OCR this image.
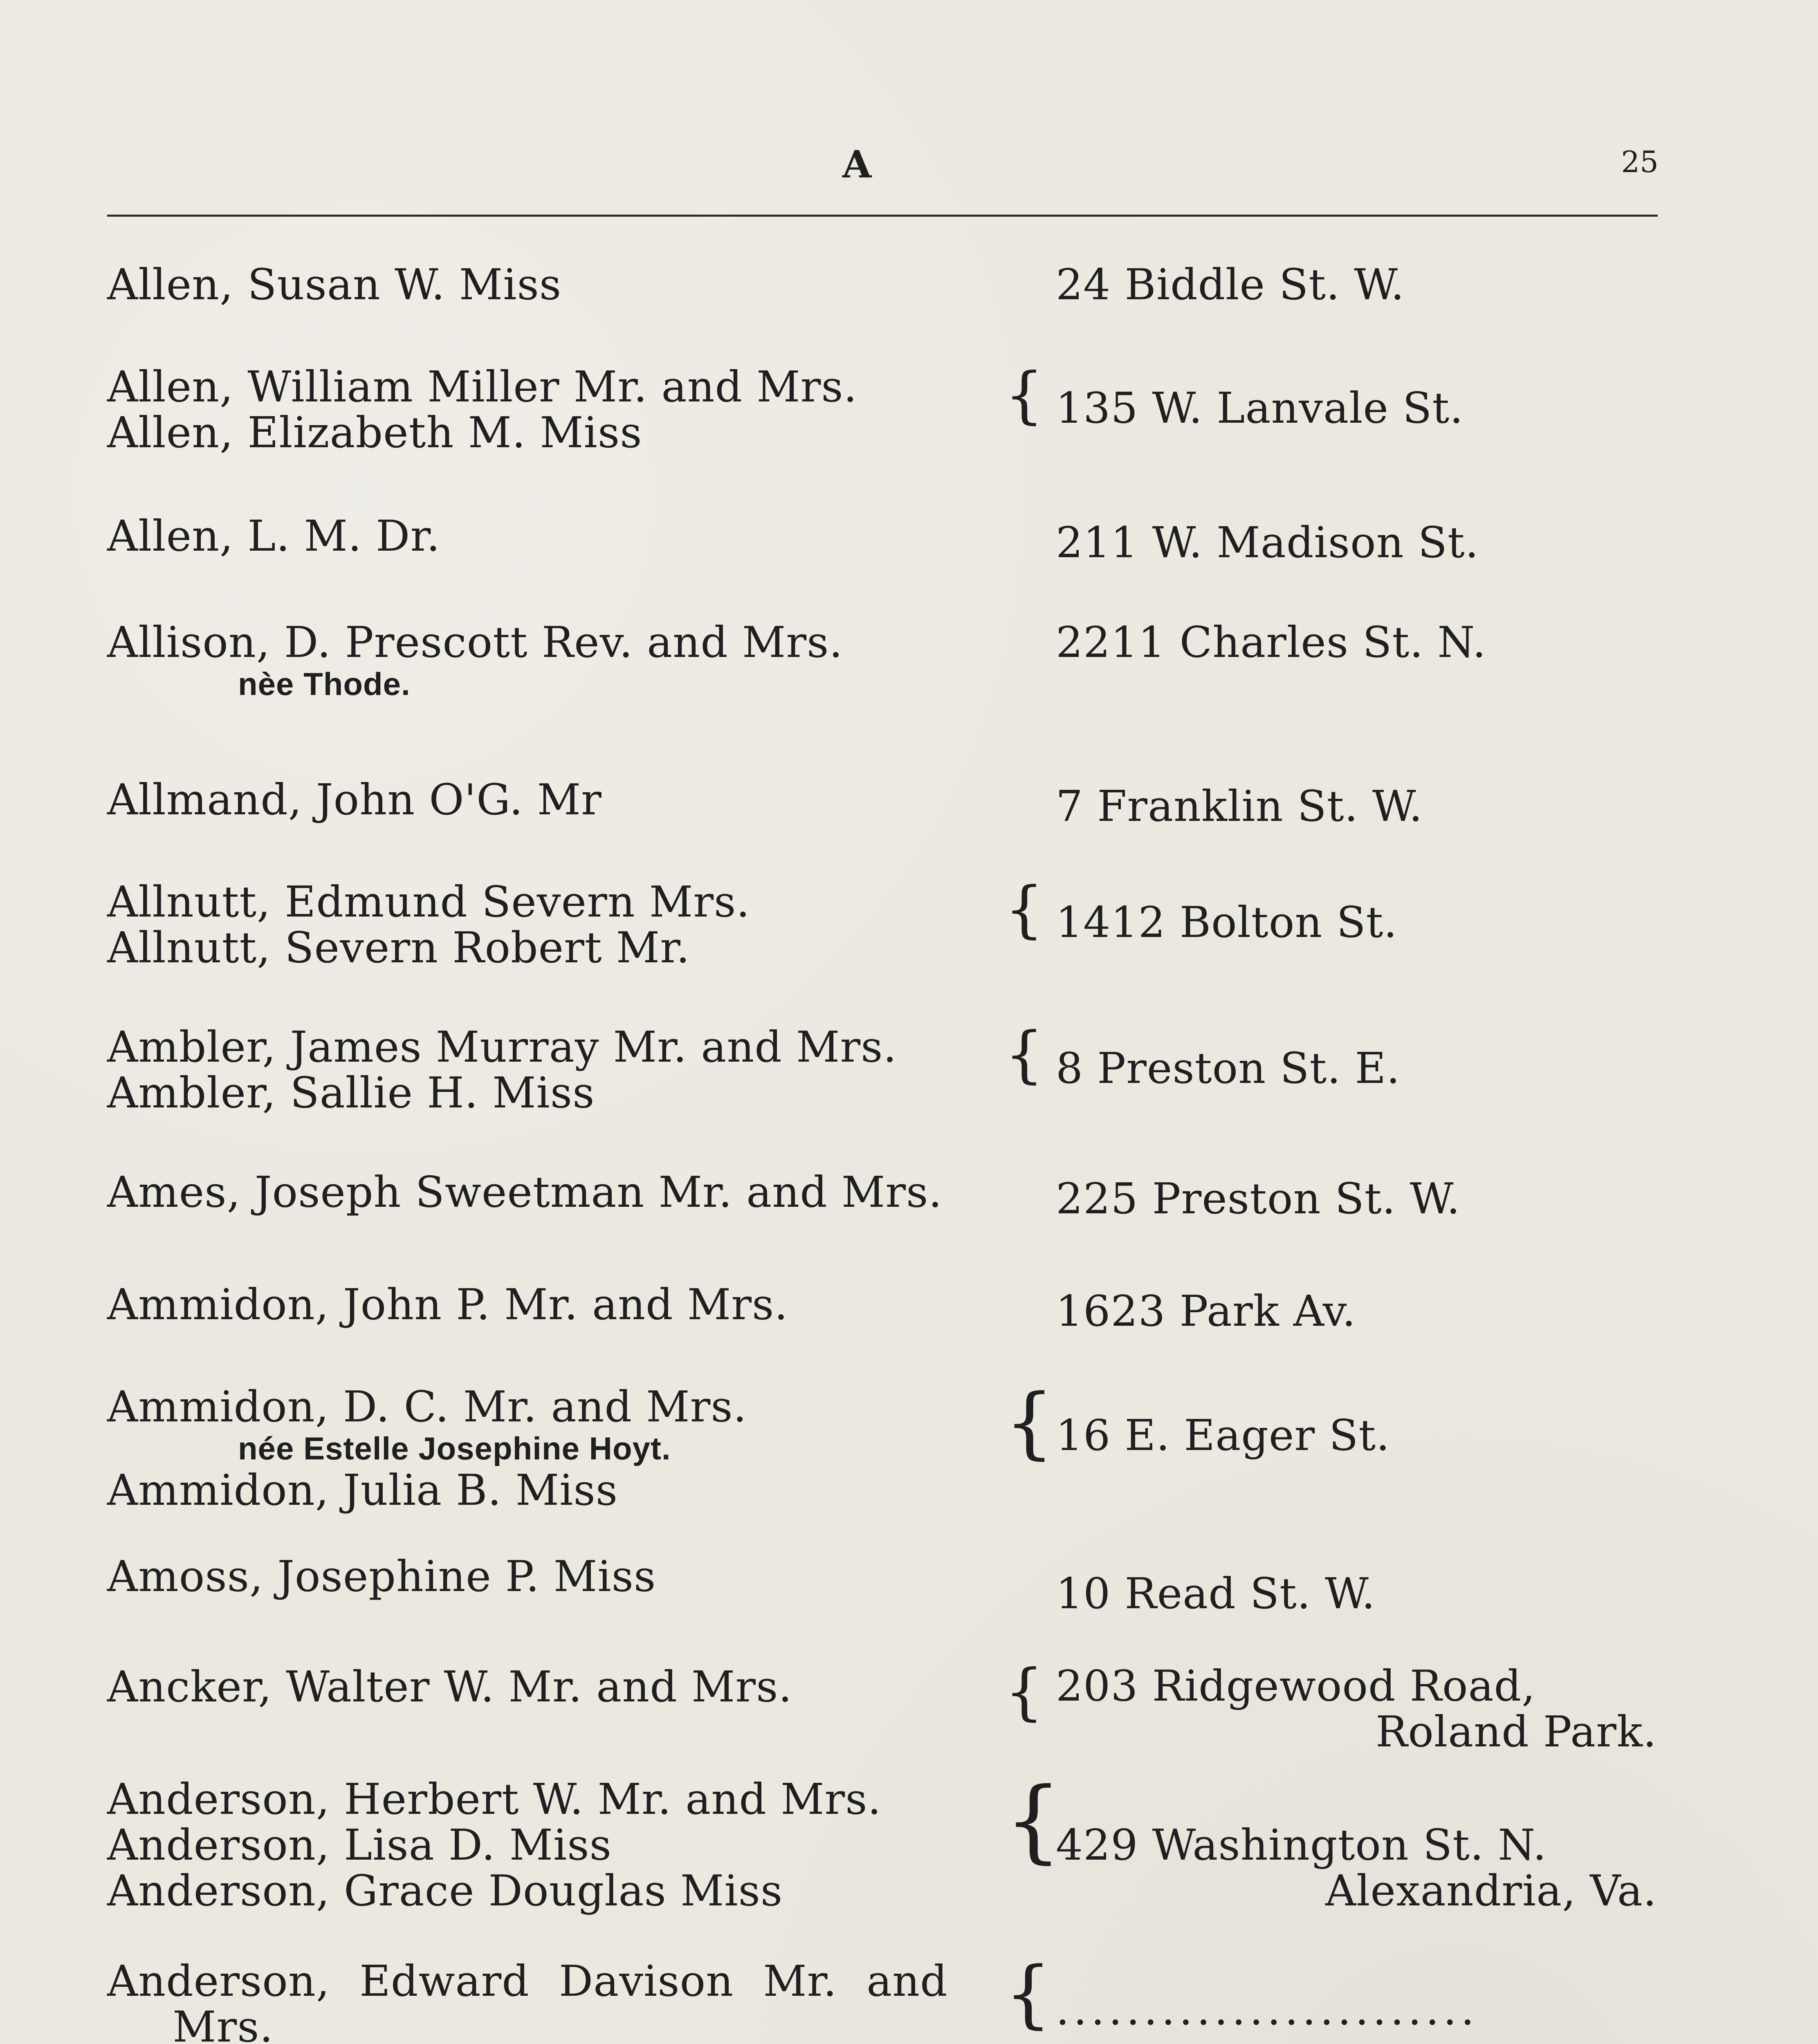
A	25
Allen, Susan W. Miss	24 Biddle St. W.
Allen, William Miller Mr. and Mrs.
Allen, Elizabeth M. Miss
{ 135 W. Lanvale St.
Allen, L. M. Dr.	211 W. Madison St.
Allison, D. Prescott Rev. and Mrs.
nèe Thode.
2211 Charles St. N.
Allmand, John O'G. Mr	7 Franklin St. W.
Allnutt, Edmund Severn Mrs.
Allnutt, Severn Robert Mr.
{ 1412 Bolton St.
Ambler, James Murray Mr. and Mrs.
Ambler, Sallie H. Miss
{ 8 Preston St. E.
Ames, Joseph Sweetman Mr. and Mrs.	225 Preston St. W.
Ammidon, John P. Mr. and Mrs.	1623 Park Av.
Ammidon, D. C. Mr. and Mrs.
née Estelle Josephine Hoyt.
Ammidon, Julia B. Miss
{ 16 E. Eager St.
Amoss, Josephine P. Miss	10 Read St. W.
Ancker, Walter W. Mr. and Mrs.	{ 203 Ridgewood Road,
Roland Park.
Anderson, Herbert W. Mr. and Mrs.
Anderson, Lisa D. Miss
Anderson, Grace Douglas Miss
{
429 Washington St. N.
Alexandria, Va.
Anderson, Edward Davison Mr. and
Mrs.	{ ........................
